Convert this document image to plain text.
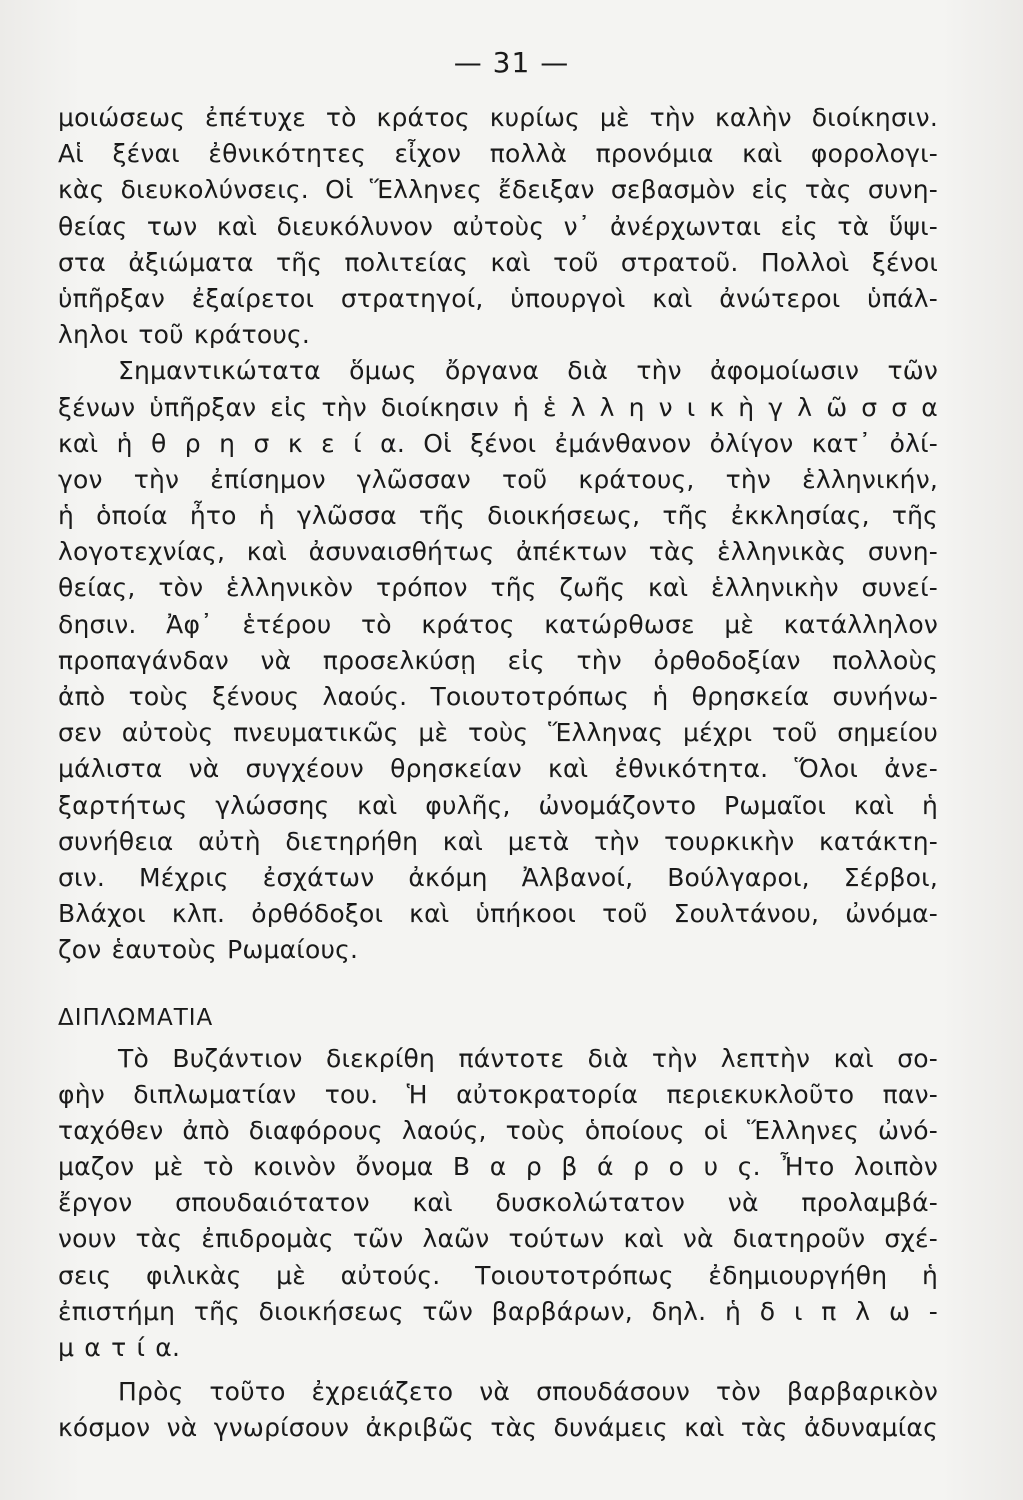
— 31 —
μοιώσεως ἐπέτυχε τὸ κράτος κυρίως μὲ τὴν καλὴν διοίκησιν.
Αἱ ξέναι ἐθνικότητες εἶχον πολλὰ προνόμια καὶ φορολογι-
κὰς διευκολύνσεις. Οἱ Ἕλληνες ἔδειξαν σεβασμὸν εἰς τὰς συνη-
θείας των καὶ διευκόλυνον αὐτοὺς ν᾽ ἀνέρχωνται εἰς τὰ ὕψι-
στα ἀξιώματα τῆς πολιτείας καὶ τοῦ στρατοῦ. Πολλοὶ ξένοι
ὑπῆρξαν ἐξαίρετοι στρατηγοί, ὑπουργοὶ καὶ ἀνώτεροι ὑπάλ-
ληλοι τοῦ κράτους.
Σημαντικώτατα ὅμως ὄργανα διὰ τὴν ἀφομοίωσιν τῶν
ξένων ὑπῆρξαν εἰς τὴν διοίκησιν ἡ ἑ λ λ η ν ι κ ὴ γ λ ῶ σ σ α
καὶ ἡ θ ρ η σ κ ε ί α. Οἱ ξένοι ἐμάνθανον ὀλίγον κατ᾽ ὀλί-
γον τὴν ἐπίσημον γλῶσσαν τοῦ κράτους, τὴν ἑλληνικήν,
ἡ ὁποία ἦτο ἡ γλῶσσα τῆς διοικήσεως, τῆς ἐκκλησίας, τῆς
λογοτεχνίας, καὶ ἀσυναισθήτως ἀπέκτων τὰς ἑλληνικὰς συνη-
θείας, τὸν ἑλληνικὸν τρόπον τῆς ζωῆς καὶ ἑλληνικὴν συνεί-
δησιν. Ἀφ᾽ ἑτέρου τὸ κράτος κατώρθωσε μὲ κατάλληλον
προπαγάνδαν νὰ προσελκύσῃ εἰς τὴν ὀρθοδοξίαν πολλοὺς
ἀπὸ τοὺς ξένους λαούς. Τοιουτοτρόπως ἡ θρησκεία συνήνω-
σεν αὐτοὺς πνευματικῶς μὲ τοὺς Ἕλληνας μέχρι τοῦ σημείου
μάλιστα νὰ συγχέουν θρησκείαν καὶ ἐθνικότητα. Ὅλοι ἀνε-
ξαρτήτως γλώσσης καὶ φυλῆς, ὠνομάζοντο Ρωμαῖοι καὶ ἡ
συνήθεια αὐτὴ διετηρήθη καὶ μετὰ τὴν τουρκικὴν κατάκτη-
σιν. Μέχρις ἐσχάτων ἀκόμη Ἀλβανοί, Βούλγαροι, Σέρβοι,
Βλάχοι κλπ. ὀρθόδοξοι καὶ ὑπήκοοι τοῦ Σουλτάνου, ὠνόμα-
ζον ἑαυτοὺς Ρωμαίους.
ΔΙΠΛΩΜΑΤΙΑ
Τὸ Βυζάντιον διεκρίθη πάντοτε διὰ τὴν λεπτὴν καὶ σο-
φὴν διπλωματίαν του. Ἡ αὐτοκρατορία περιεκυκλοῦτο παν-
ταχόθεν ἀπὸ διαφόρους λαούς, τοὺς ὁποίους οἱ Ἕλληνες ὠνό-
μαζον μὲ τὸ κοινὸν ὄνομα Β α ρ β ά ρ ο υ ς. Ἦτο λοιπὸν
ἔργον σπουδαιότατον καὶ δυσκολώτατον νὰ προλαμβά-
νουν τὰς ἐπιδρομὰς τῶν λαῶν τούτων καὶ νὰ διατηροῦν σχέ-
σεις φιλικὰς μὲ αὐτούς. Τοιουτοτρόπως ἐδημιουργήθη ἡ
ἐπιστήμη τῆς διοικήσεως τῶν βαρβάρων, δηλ. ἡ δ ι π λ ω -
μ α τ ί α.
Πρὸς τοῦτο ἐχρειάζετο νὰ σπουδάσουν τὸν βαρβαρικὸν
κόσμον νὰ γνωρίσουν ἀκριβῶς τὰς δυνάμεις καὶ τὰς ἀδυναμίας
